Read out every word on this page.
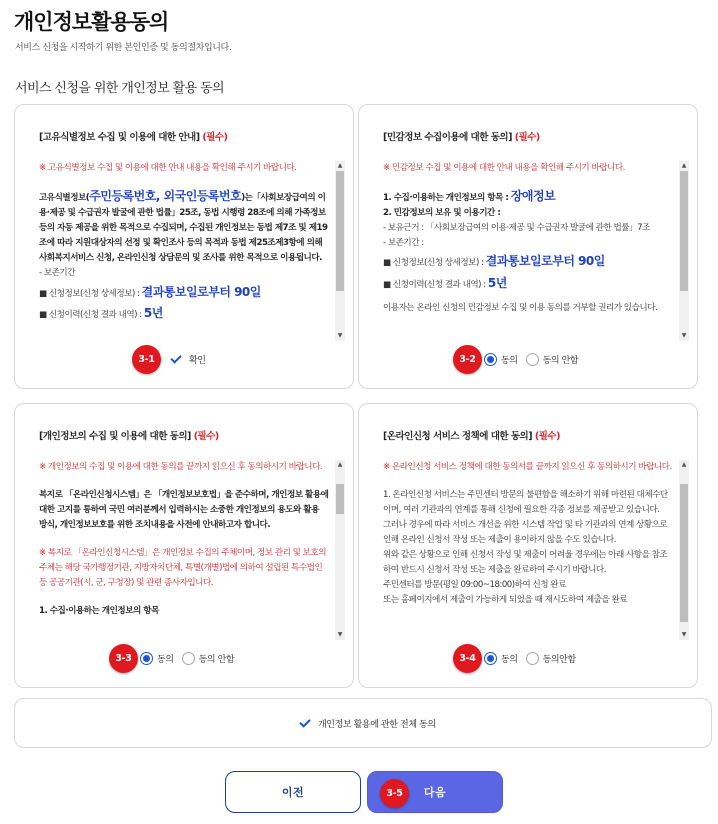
개인정보활용동의
서비스 신청을 시작하기 위한 본인인증 및 동의절차입니다.
서비스 신청을 위한 개인정보 활용 동의
[고유식별정보 수집 및 이용에 대한 안내] (필수)
※ 고유식별정보 수집 및 이용에 대한 안내 내용을 확인해 주시기 바랍니다.
고유식별정보(주민등록번호, 외국인등록번호)는「사회보장급여의 이용·제공 및 수급권자 발굴에 관한 법률」25조, 동법 시행령 28조에 의해 가족정보 등의 자동 제공을 위한 목적으로 수집되며, 수집된 개인정보는 동법 제7조 및 제19조에 따라 지원대상자의 선정 및 확인조사 등의 목적과 동법 제25조제3항에 의해 사회복지서비스 신청, 온라인신청 상담문의 및 조사를 위한 목적으로 이용됩니다.
- 보존기간
■ 신청정보(신청 상세정보) : 결과통보일로부터 90일
■ 신청이력(신청 결과 내역) : 5년
▲
▼
3-1	확인
[민감정보 수집이용에 대한 동의] (필수)
※ 민감정보 수집 및 이용에 대한 안내 내용을 확인해 주시기 바랍니다.
1. 수집·이용하는 개인정보의 항목 : 장애정보
2. 민감정보의 보유 및 이용기간 :
- 보유근거 : 「사회보장급여의 이용·제공 및 수급권자 발굴에 관한 법률」7조
- 보존기간 :
■ 신청정보(신청 상세정보) : 결과통보일로부터 90일
■ 신청이력(신청 결과 내역) : 5년
이용자는 온라인 신청의 민감정보 수집 및 이용 동의를 거부할 권리가 있습니다.
▲
▼
3-2	동의	동의 안함
[개인정보의 수집 및 이용에 대한 동의] (필수)
※ 개인정보의 수집 및 이용에 대한 동의를 끝까지 읽으신 후 동의하시기 바랍니다.
복지로 「온라인신청시스템」은 「개인정보보호법」을 준수하며, 개인정보 활용에 대한 고지를 통하여 국민 여러분께서 입력하시는 소중한 개인정보의 용도와 활용 방식, 개인정보보호를 위한 조치내용을 사전에 안내하고자 합니다.
※ 복지로 「온라인신청시스템」은 개인정보 수집의 주체이며, 정보 관리 및 보호의 주체는 해당 국가행정기관, 지방자치단체, 특별(개별)법에 의하여 설립된 특수법인 등 공공기관(시, 군, 구청장) 및 관련 종사자입니다.
1. 수집·이용하는 개인정보의 항목
▲
▼
3-3	동의	동의 안함
[온라인신청 서비스 정책에 대한 동의] (필수)
※ 온라인신청 서비스 정책에 대한 동의서를 끝까지 읽으신 후 동의하시기 바랍니다.
1. 온라인신청 서비스는 주민센터 방문의 불편함을 해소하기 위해 마련된 대체수단이며, 여러 기관과의 연계를 통해 신청에 필요한 각종 정보를 제공받고 있습니다.
그러나 경우에 따라 서비스 개선을 위한 시스템 작업 및 타 기관과의 연계 상황으로 인해 온라인 신청서 작성 또는 제출이 용이하지 않을 수도 있습니다.
위와 같은 상황으로 인해 신청서 작성 및 제출이 어려울 경우에는 아래 사항을 참조하여 반드시 신청서 작성 또는 제출을 완료하여 주시기 바랍니다.
주민센터를 방문(평일 09:00~18:00)하여 신청 완료
또는 홈페이지에서 제출이 가능하게 되었을 때 재시도하여 제출을 완료
▲
▼
3-4	동의	동의안함
개인정보 활용에 관한 전체 동의
이전	다음
3-5
